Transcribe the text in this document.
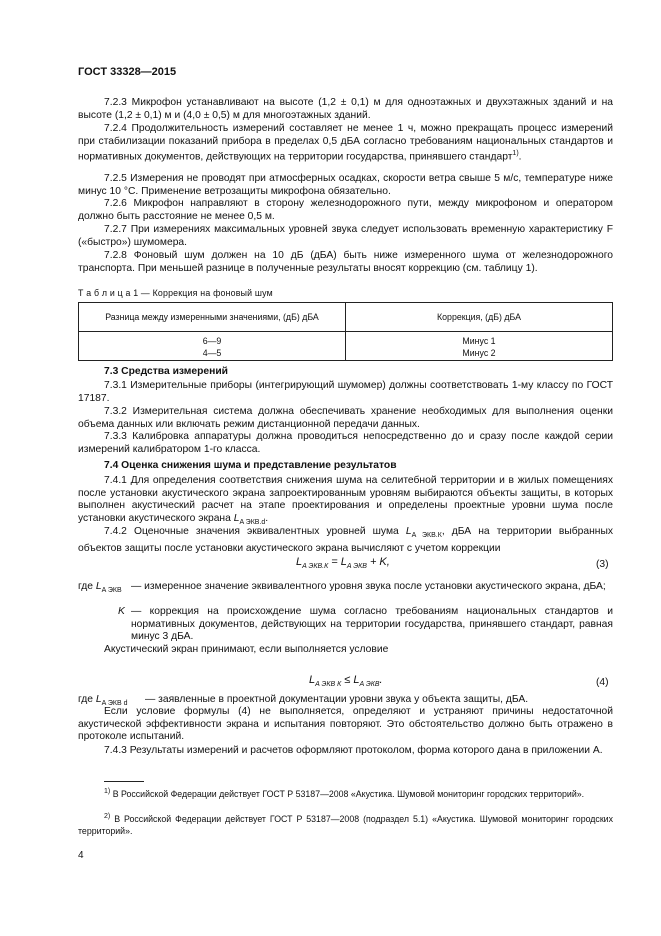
ГОСТ 33328—2015
7.2.3 Микрофон устанавливают на высоте (1,2 ± 0,1) м для одноэтажных и двухэтажных зданий и на высоте (1,2 ± 0,1) м и (4,0 ± 0,5) м для многоэтажных зданий.
7.2.4 Продолжительность измерений составляет не менее 1 ч, можно прекращать процесс измерений при стабилизации показаний прибора в пределах 0,5 дБА согласно требованиям национальных стандартов и нормативных документов, действующих на территории государства, принявшего стандарт$^{1)}$.
7.2.5 Измерения не проводят при атмосферных осадках, скорости ветра свыше 5 м/с, температуре ниже минус 10 °С. Применение ветрозащиты микрофона обязательно.
7.2.6 Микрофон направляют в сторону железнодорожного пути, между микрофоном и оператором должно быть расстояние не менее 0,5 м.
7.2.7 При измерениях максимальных уровней звука следует использовать временную характеристику F («быстро») шумомера.
7.2.8 Фоновый шум должен на 10 дБ (дБА) быть ниже измеренного шума от железнодорожного транспорта. При меньшей разнице в полученные результаты вносят коррекцию (см. таблицу 1).
Т а б л и ц а 1 — Коррекция на фоновый шум
Разница между измеренными значениями, (дБ) дБА	Коррекция, (дБ) дБА
6—9	Минус 1
4—5	Минус 2
7.3 Средства измерений
7.3.1 Измерительные приборы (интегрирующий шумомер) должны соответствовать 1-му классу по ГОСТ 17187.
7.3.2 Измерительная система должна обеспечивать хранение необходимых для выполнения оценки объема данных или включать режим дистанционной передачи данных.
7.3.3 Калибровка аппаратуры должна проводиться непосредственно до и сразу после каждой серии измерений калибратором 1-го класса.
7.4 Оценка снижения шума и представление результатов
7.4.1 Для определения соответствия снижения шума на селитебной территории и в жилых помещениях после установки акустического экрана запроектированным уровням выбираются объекты защиты, в которых выполнен акустический расчет на этапе проектирования и определены проектные уровни шума после установки акустического экрана $L_{A ЭКВ.d}$.
7.4.2 Оценочные значения эквивалентных уровней шума $L_{A ЭКВ.К}$, дБА на территории выбранных объектов защиты после установки акустического экрана вычисляют с учетом коррекции
$L_{A ЭКВ.К} = L_{A ЭКВ} + K$,	(3)
где $L_{A ЭКВ}$ — измеренное значение эквивалентного уровня звука после установки акустического экрана, дБА;
K — коррекция на происхождение шума согласно требованиям национальных стандартов и нормативных документов, действующих на территории государства, принявшего стандарт, равная минус 3 дБА.
Акустический экран принимают, если выполняется условие
$L_{A ЭКВ К} \le L_{A ЭКВ}$.	(4)
где $L_{A ЭКВ d}$ — заявленные в проектной документации уровни звука у объекта защиты, дБА.
Если условие формулы (4) не выполняется, определяют и устраняют причины недостаточной акустической эффективности экрана и испытания повторяют. Это обстоятельство должно быть отражено в протоколе испытаний.
7.4.3 Результаты измерений и расчетов оформляют протоколом, форма которого дана в приложении А.
$^{1)}$ В Российской Федерации действует ГОСТ Р 53187—2008 «Акустика. Шумовой мониторинг городских территорий».
$^{2)}$ В Российской Федерации действует ГОСТ Р 53187—2008 (подраздел 5.1) «Акустика. Шумовой мониторинг городских территорий».
4
